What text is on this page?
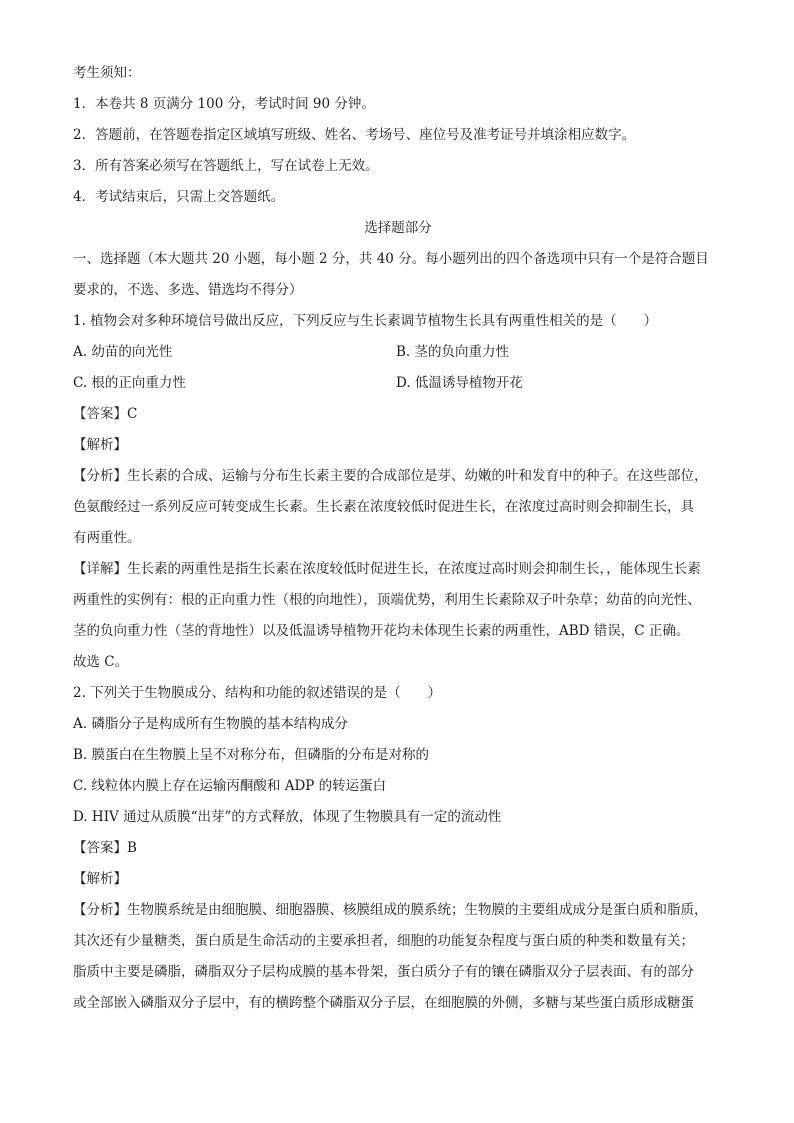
考生须知：
1．本卷共 8 页满分 100 分，考试时间 90 分钟。
2．答题前，在答题卷指定区域填写班级、姓名、考场号、座位号及准考证号并填涂相应数字。
3．所有答案必须写在答题纸上，写在试卷上无效。
4．考试结束后，只需上交答题纸。
选择题部分
一、选择题（本大题共 20 小题，每小题 2 分，共 40 分。每小题列出的四个备选项中只有一个是符合题目
要求的，不选、多选、错选均不得分）
1. 植物会对多种环境信号做出反应，下列反应与生长素调节植物生长具有两重性相关的是（　　）
A. 幼苗的向光性	B. 茎的负向重力性
C. 根的正向重力性	D. 低温诱导植物开花
【答案】C
【解析】
【分析】生长素的合成、运输与分布生长素主要的合成部位是芽、幼嫩的叶和发育中的种子。在这些部位，
色氨酸经过一系列反应可转变成生长素。生长素在浓度较低时促进生长，在浓度过高时则会抑制生长，具
有两重性。
【详解】生长素的两重性是指生长素在浓度较低时促进生长，在浓度过高时则会抑制生长，，能体现生长素
两重性的实例有：根的正向重力性（根的向地性），顶端优势，利用生长素除双子叶杂草；幼苗的向光性、
茎的负向重力性（茎的背地性）以及低温诱导植物开花均未体现生长素的两重性，ABD 错误，C 正确。
故选 C。
2. 下列关于生物膜成分、结构和功能的叙述错误的是（　　）
A. 磷脂分子是构成所有生物膜的基本结构成分
B. 膜蛋白在生物膜上呈不对称分布，但磷脂的分布是对称的
C. 线粒体内膜上存在运输丙酮酸和 ADP 的转运蛋白
D. HIV 通过从质膜“出芽”的方式释放，体现了生物膜具有一定的流动性
【答案】B
【解析】
【分析】生物膜系统是由细胞膜、细胞器膜、核膜组成的膜系统；生物膜的主要组成成分是蛋白质和脂质，
其次还有少量糖类，蛋白质是生命活动的主要承担者，细胞的功能复杂程度与蛋白质的种类和数量有关；
脂质中主要是磷脂，磷脂双分子层构成膜的基本骨架，蛋白质分子有的镶在磷脂双分子层表面、有的部分
或全部嵌入磷脂双分子层中，有的横跨整个磷脂双分子层，在细胞膜的外侧，多糖与某些蛋白质形成糖蛋
